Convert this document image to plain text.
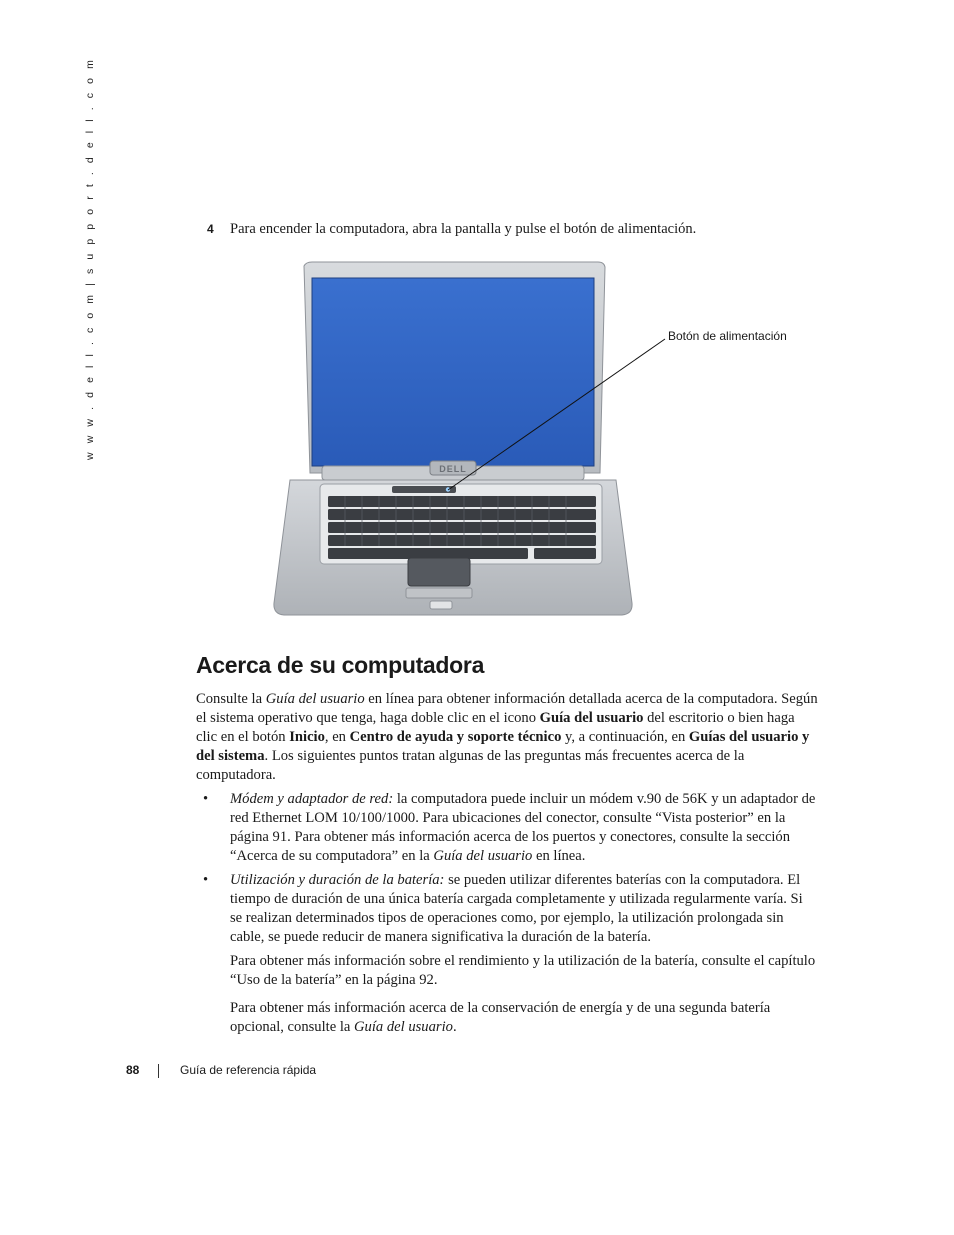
w w w . d e l l . c o m | s u p p o r t . d e l l . c o m	4 Para encender la computadora, abra la pantalla y pulse el botón de alimentación.
DELL
Botón de alimentación
Acerca de su computadora

Consulte la Guía del usuario en línea para obtener información detallada acerca de la computadora. Según el sistema operativo que tenga, haga doble clic en el icono Guía del usuario del escritorio o bien haga clic en el botón Inicio, en Centro de ayuda y soporte técnico y, a continuación, en Guías del usuario y del sistema. Los siguientes puntos tratan algunas de las preguntas más frecuentes acerca de la computadora.

• Módem y adaptador de red: la computadora puede incluir un módem v.90 de 56K y un adaptador de red Ethernet LOM 10/100/1000. Para ubicaciones del conector, consulte “Vista posterior” en la página 91. Para obtener más información acerca de los puertos y conectores, consulte la sección “Acerca de su computadora” en la Guía del usuario en línea.

• Utilización y duración de la batería: se pueden utilizar diferentes baterías con la computadora. El tiempo de duración de una única batería cargada completamente y utilizada regularmente varía. Si se realizan determinados tipos de operaciones como, por ejemplo, la utilización prolongada sin cable, se puede reducir de manera significativa la duración de la batería.

Para obtener más información sobre el rendimiento y la utilización de la batería, consulte el capítulo “Uso de la batería” en la página 92.

Para obtener más información acerca de la conservación de energía y de una segunda batería opcional, consulte la Guía del usuario.

88	Guía de referencia rápida
